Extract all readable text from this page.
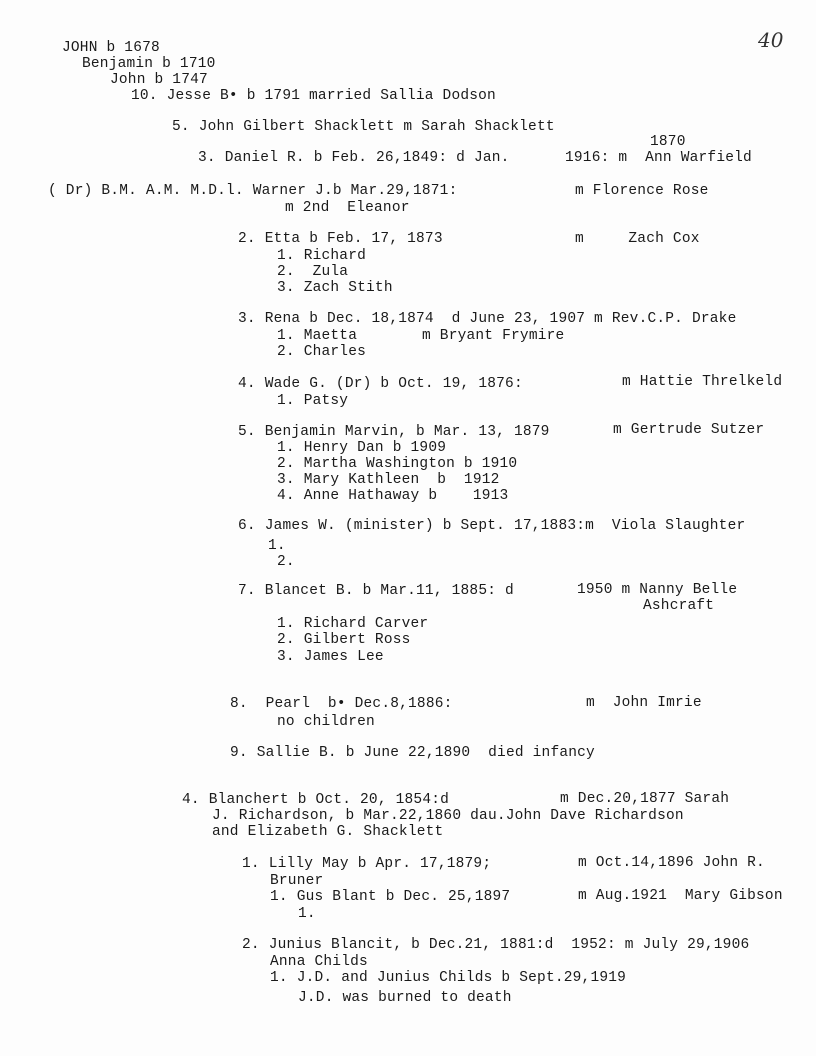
40
JOHN b 1678
Benjamin b 1710
John b 1747
10. Jesse B• b 1791 married Sallia Dodson
5. John Gilbert Shacklett m Sarah Shacklett
1870
3. Daniel R. b Feb. 26,1849: d Jan.	1916: m  Ann Warfield
( Dr) B.M. A.M. M.D.l. Warner J.b Mar.29,1871:	m Florence Rose
m 2nd  Eleanor
2. Etta b Feb. 17, 1873	m     Zach Cox
1. Richard
2.  Zula
3. Zach Stith
3. Rena b Dec. 18,1874  d June 23, 1907 m Rev.C.P. Drake
1. Maetta	m Bryant Frymire
2. Charles
4. Wade G. (Dr) b Oct. 19, 1876:	m Hattie Threlkeld
1. Patsy
5. Benjamin Marvin, b Mar. 13, 1879	m Gertrude Sutzer
1. Henry Dan b 1909
2. Martha Washington b 1910
3. Mary Kathleen  b  1912
4. Anne Hathaway b    1913
6. James W. (minister) b Sept. 17,1883:m  Viola Slaughter
1.
2.
7. Blancet B. b Mar.11, 1885: d	1950 m Nanny Belle
Ashcraft
1. Richard Carver
2. Gilbert Ross
3. James Lee
8.  Pearl  b• Dec.8,1886:	m  John Imrie
no children
9. Sallie B. b June 22,1890  died infancy
4. Blanchert b Oct. 20, 1854:d	m Dec.20,1877 Sarah
J. Richardson, b Mar.22,1860 dau.John Dave Richardson
and Elizabeth G. Shacklett
1. Lilly May b Apr. 17,1879;	m Oct.14,1896 John R.
Bruner
1. Gus Blant b Dec. 25,1897	m Aug.1921  Mary Gibson
1.
2. Junius Blancit, b Dec.21, 1881:d  1952: m July 29,1906
Anna Childs
1. J.D. and Junius Childs b Sept.29,1919
J.D. was burned to death
